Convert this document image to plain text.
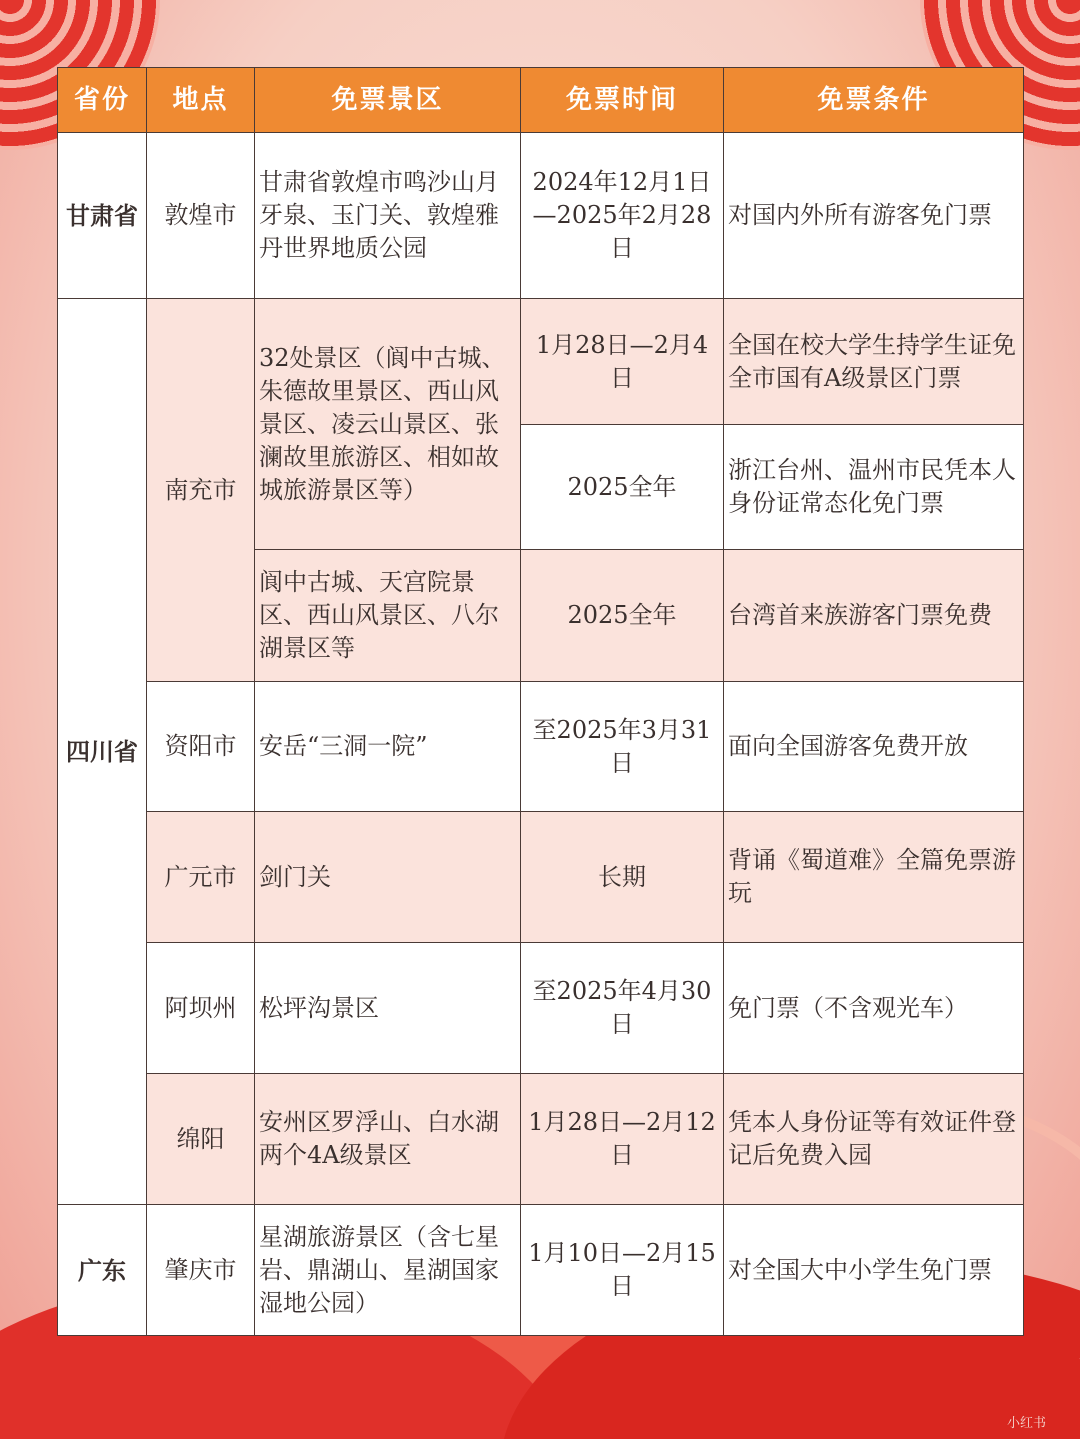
小红书
省份	地点	免票景区	免票时间	免票条件
甘肃省	敦煌市	甘肃省敦煌市鸣沙山月牙泉、玉门关、敦煌雅丹世界地质公园	2024年12月1日—2025年2月28日	对国内外所有游客免门票
四川省	南充市	32处景区（阆中古城、朱德故里景区、西山风景区、凌云山景区、张澜故里旅游区、相如故城旅游景区等）	1月28日—2月4日	全国在校大学生持学生证免全市国有A级景区门票
			2025全年	浙江台州、温州市民凭本人身份证常态化免门票
		阆中古城、天宫院景区、西山风景区、八尔湖景区等	2025全年	台湾首来族游客门票免费
	资阳市	安岳“三洞一院”	至2025年3月31日	面向全国游客免费开放
	广元市	剑门关	长期	背诵《蜀道难》全篇免票游玩
	阿坝州	松坪沟景区	至2025年4月30日	免门票（不含观光车）
	绵阳	安州区罗浮山、白水湖两个4A级景区	1月28日—2月12日	凭本人身份证等有效证件登记后免费入园
广东	肇庆市	星湖旅游景区（含七星岩、鼎湖山、星湖国家湿地公园）	1月10日—2月15日	对全国大中小学生免门票
